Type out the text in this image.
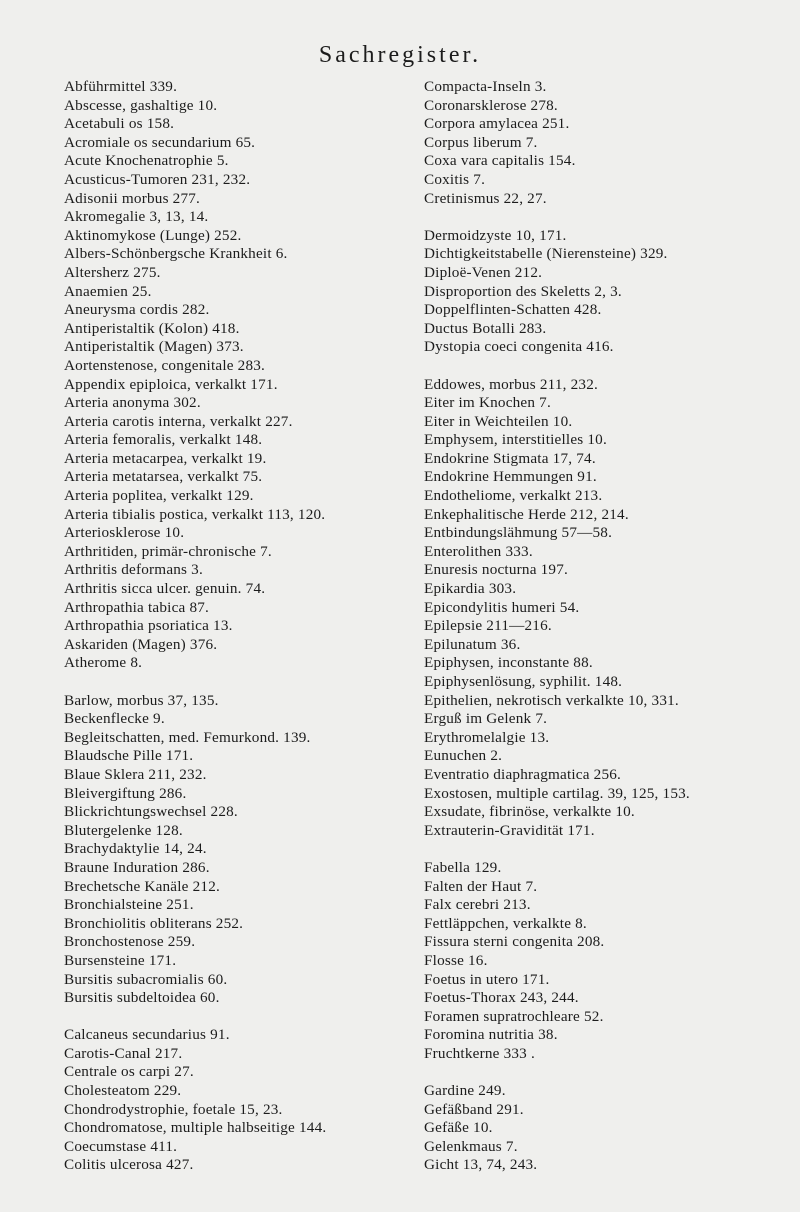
Sachregister.
Abführmittel 339.
Abscesse, gashaltige 10.
Acetabuli os 158.
Acromiale os secundarium 65.
Acute Knochenatrophie 5.
Acusticus-Tumoren 231, 232.
Adisonii morbus 277.
Akromegalie 3, 13, 14.
Aktinomykose (Lunge) 252.
Albers-Schönbergsche Krankheit 6.
Altersherz 275.
Anaemien 25.
Aneurysma cordis 282.
Antiperistaltik (Kolon) 418.
Antiperistaltik (Magen) 373.
Aortenstenose, congenitale 283.
Appendix epiploica, verkalkt 171.
Arteria anonyma 302.
Arteria carotis interna, verkalkt 227.
Arteria femoralis, verkalkt 148.
Arteria metacarpea, verkalkt 19.
Arteria metatarsea, verkalkt 75.
Arteria poplitea, verkalkt 129.
Arteria tibialis postica, verkalkt 113, 120.
Arteriosklerose 10.
Arthritiden, primär-chronische 7.
Arthritis deformans 3.
Arthritis sicca ulcer. genuin. 74.
Arthropathia tabica 87.
Arthropathia psoriatica 13.
Askariden (Magen) 376.
Atherome 8.
Barlow, morbus 37, 135.
Beckenflecke 9.
Begleitschatten, med. Femurkond. 139.
Blaudsche Pille 171.
Blaue Sklera 211, 232.
Bleivergiftung 286.
Blickrichtungswechsel 228.
Blutergelenke 128.
Brachydaktylie 14, 24.
Braune Induration 286.
Brechetsche Kanäle 212.
Bronchialsteine 251.
Bronchiolitis obliterans 252.
Bronchostenose 259.
Bursensteine 171.
Bursitis subacromialis 60.
Bursitis subdeltoidea 60.
Calcaneus secundarius 91.
Carotis-Canal 217.
Centrale os carpi 27.
Cholesteatom 229.
Chondrodystrophie, foetale 15, 23.
Chondromatose, multiple halbseitige 144.
Coecumstase 411.
Colitis ulcerosa 427.
Compacta-Inseln 3.
Coronarsklerose 278.
Corpora amylacea 251.
Corpus liberum 7.
Coxa vara capitalis 154.
Coxitis 7.
Cretinismus 22, 27.
Dermoidzyste 10, 171.
Dichtigkeitstabelle (Nierensteine) 329.
Diploë-Venen 212.
Disproportion des Skeletts 2, 3.
Doppelflinten-Schatten 428.
Ductus Botalli 283.
Dystopia coeci congenita 416.
Eddowes, morbus 211, 232.
Eiter im Knochen 7.
Eiter in Weichteilen 10.
Emphysem, interstitielles 10.
Endokrine Stigmata 17, 74.
Endokrine Hemmungen 91.
Endotheliome, verkalkt 213.
Enkephalitische Herde 212, 214.
Entbindungslähmung 57—58.
Enterolithen 333.
Enuresis nocturna 197.
Epikardia 303.
Epicondylitis humeri 54.
Epilepsie 211—216.
Epilunatum 36.
Epiphysen, inconstante 88.
Epiphysenlösung, syphilit. 148.
Epithelien, nekrotisch verkalkte 10, 331.
Erguß im Gelenk 7.
Erythromelalgie 13.
Eunuchen 2.
Eventratio diaphragmatica 256.
Exostosen, multiple cartilag. 39, 125, 153.
Exsudate, fibrinöse, verkalkte 10.
Extrauterin-Gravidität 171.
Fabella 129.
Falten der Haut 7.
Falx cerebri 213.
Fettläppchen, verkalkte 8.
Fissura sterni congenita 208.
Flosse 16.
Foetus in utero 171.
Foetus-Thorax 243, 244.
Foramen supratrochleare 52.
Foromina nutritia 38.
Fruchtkerne 333 .
Gardine 249.
Gefäßband 291.
Gefäße 10.
Gelenkmaus 7.
Gicht 13, 74, 243.
